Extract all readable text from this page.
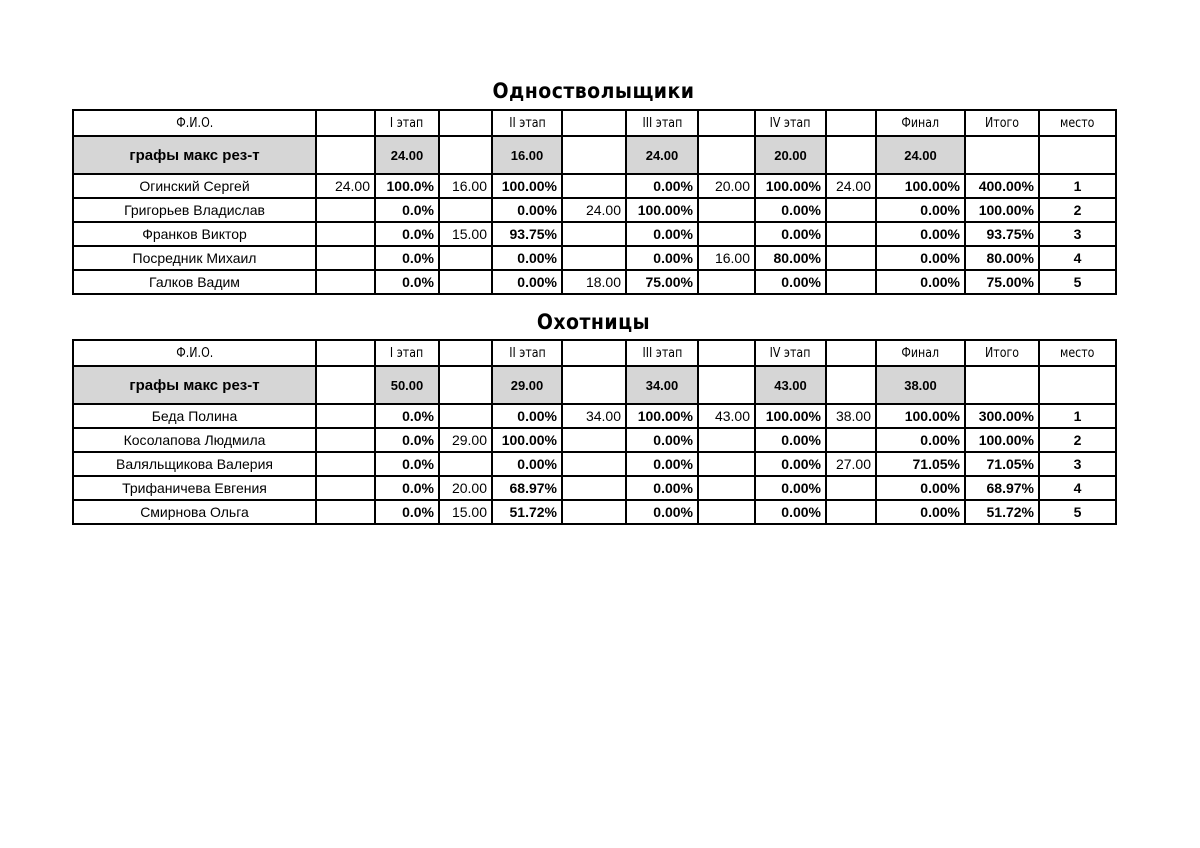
Одностволыщики
Ф.И.О.		I этап		II этап		III этап		IV этап		Финал	Итого	место
графы макс рез-т		24.00		16.00		24.00		20.00		24.00		
Огинский Сергей	24.00	100.0%	16.00	100.00%		0.00%	20.00	100.00%	24.00	100.00%	400.00%	1
Григорьев Владислав		0.0%		0.00%	24.00	100.00%		0.00%		0.00%	100.00%	2
Франков Виктор		0.0%	15.00	93.75%		0.00%		0.00%		0.00%	93.75%	3
Посредник Михаил		0.0%		0.00%		0.00%	16.00	80.00%		0.00%	80.00%	4
Галков Вадим		0.0%		0.00%	18.00	75.00%		0.00%		0.00%	75.00%	5
Охотницы
Ф.И.О.		I этап		II этап		III этап		IV этап		Финал	Итого	место
графы макс рез-т		50.00		29.00		34.00		43.00		38.00		
Беда Полина		0.0%		0.00%	34.00	100.00%	43.00	100.00%	38.00	100.00%	300.00%	1
Косолапова Людмила		0.0%	29.00	100.00%		0.00%		0.00%		0.00%	100.00%	2
Валяльщикова Валерия		0.0%		0.00%		0.00%		0.00%	27.00	71.05%	71.05%	3
Трифаничева Евгения		0.0%	20.00	68.97%		0.00%		0.00%		0.00%	68.97%	4
Смирнова Ольга		0.0%	15.00	51.72%		0.00%		0.00%		0.00%	51.72%	5
